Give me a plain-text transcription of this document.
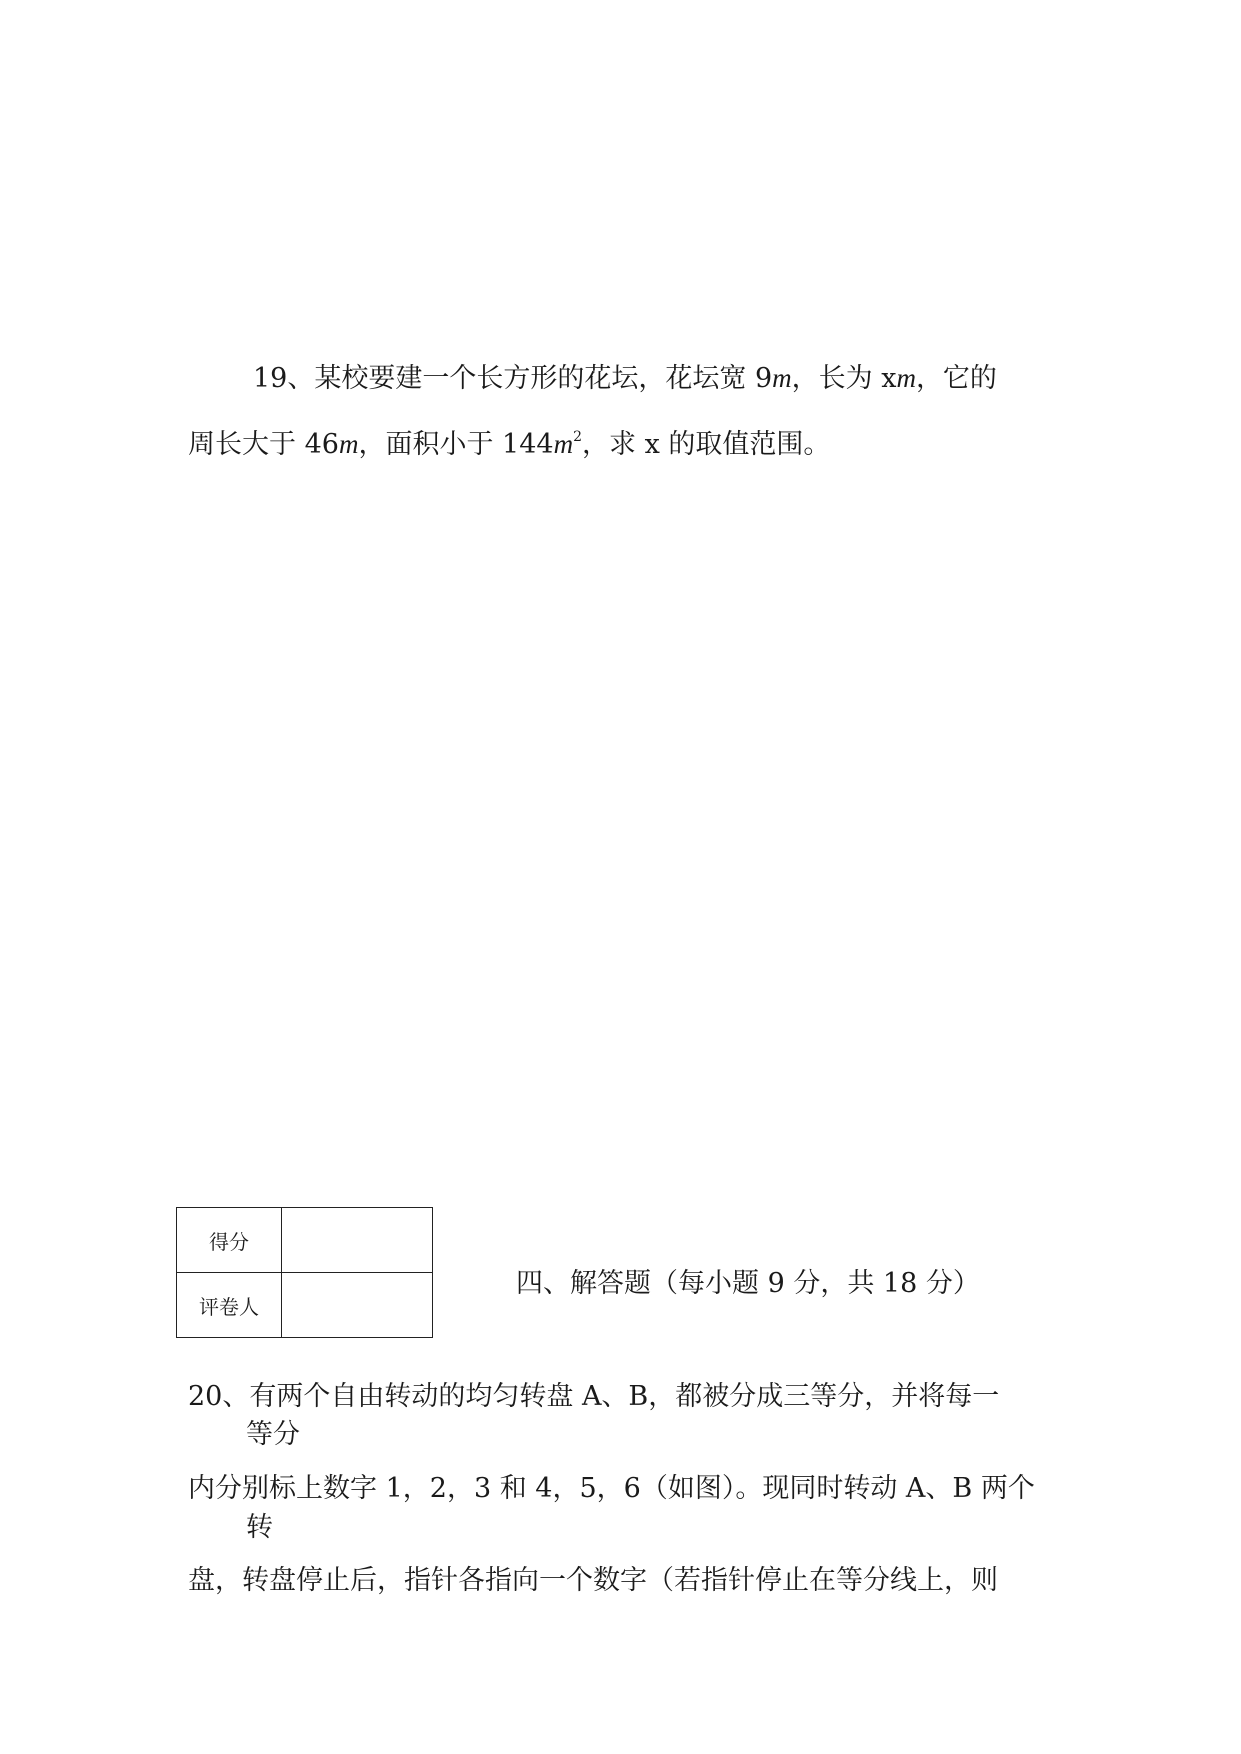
19、某校要建一个长方形的花坛，花坛宽 9m，长为 xm，它的
周长大于 46m，面积小于 $144m^2$，求 x 的取值范围。
得分	
评卷人	
四、解答题（每小题 9 分，共 18 分）
20、有两个自由转动的均匀转盘 A、B，都被分成三等分，并将每一
等分
内分别标上数字 1，2，3 和 4，5，6（如图）。现同时转动 A、B 两个
转
盘，转盘停止后，指针各指向一个数字（若指针停止在等分线上，则
